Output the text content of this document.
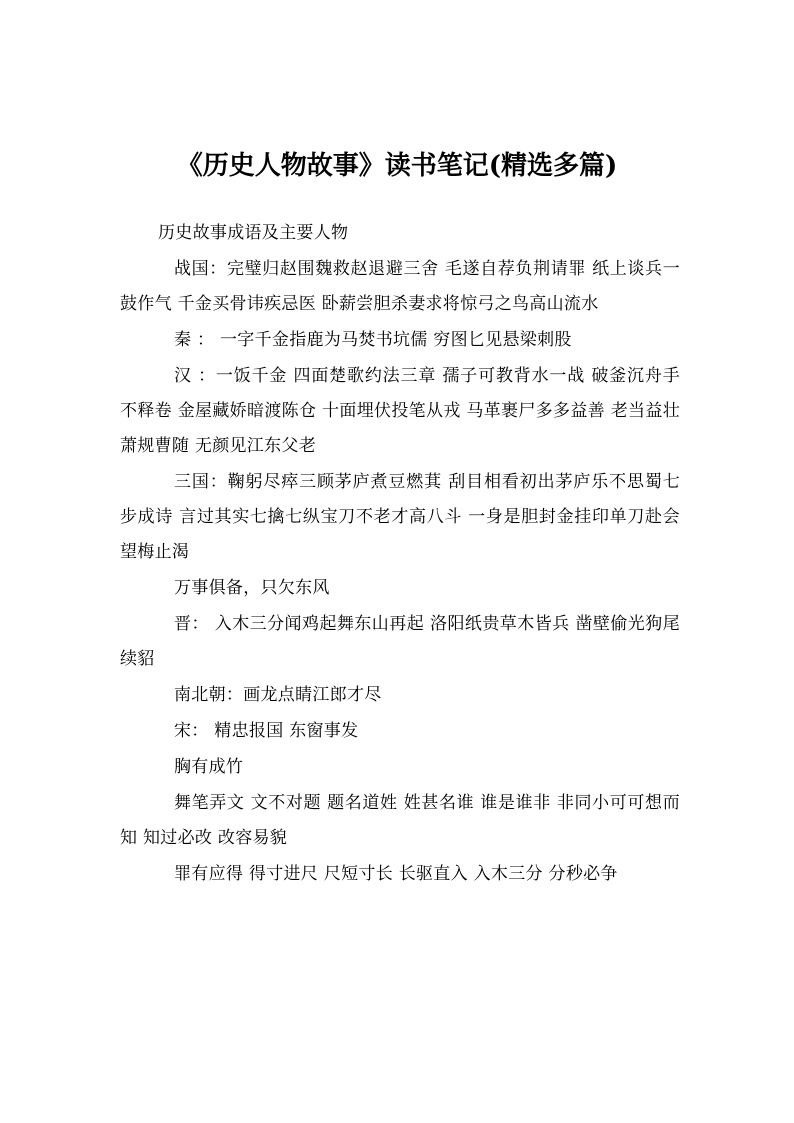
《历史人物故事》读书笔记(精选多篇)

历史故事成语及主要人物

战国：完璧归赵围魏救赵退避三舍 毛遂自荐负荆请罪 纸上谈兵一鼓作气 千金买骨讳疾忌医 卧薪尝胆杀妻求将惊弓之鸟高山流水

秦 ： 一字千金指鹿为马焚书坑儒 穷图匕见悬梁刺股

汉 ：一饭千金 四面楚歌约法三章 孺子可教背水一战 破釜沉舟手不释卷 金屋藏娇暗渡陈仓 十面埋伏投笔从戎 马革裹尸多多益善 老当益壮萧规曹随 无颜见江东父老

三国：鞠躬尽瘁三顾茅庐煮豆燃萁 刮目相看初出茅庐乐不思蜀七步成诗 言过其实七擒七纵宝刀不老才高八斗 一身是胆封金挂印单刀赴会望梅止渴

万事俱备，只欠东风

晋： 入木三分闻鸡起舞东山再起 洛阳纸贵草木皆兵 凿壁偷光狗尾续貂

南北朝：画龙点睛江郎才尽

宋： 精忠报国 东窗事发

胸有成竹

舞笔弄文 文不对题 题名道姓 姓甚名谁 谁是谁非 非同小可可想而知 知过必改 改容易貌

罪有应得 得寸进尺 尺短寸长 长驱直入 入木三分 分秒必争
